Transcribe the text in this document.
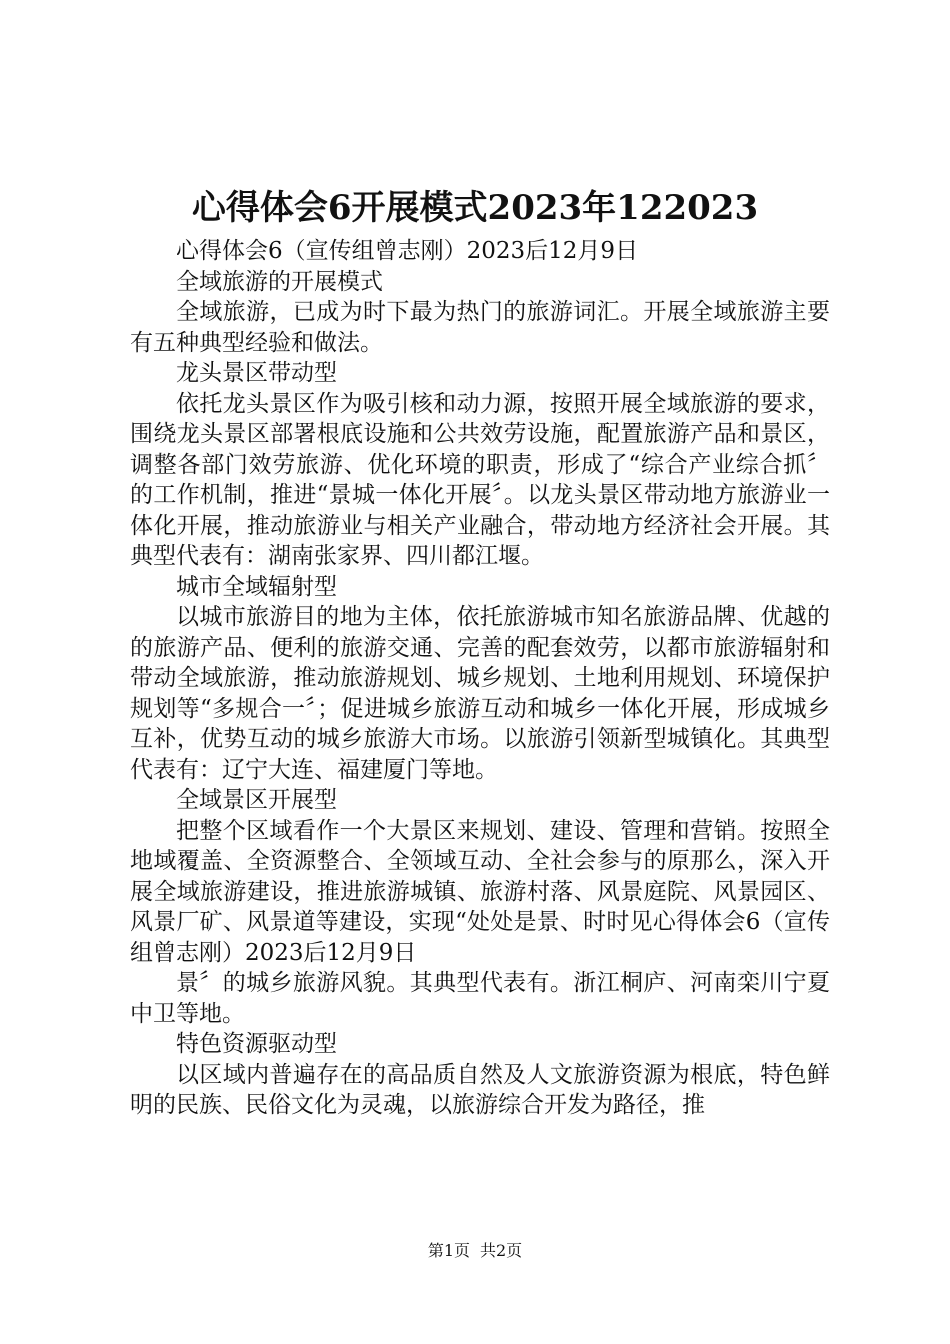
心得体会6开展模式2023年122023

心得体会6（宣传组曾志刚）2023后12月9日

全域旅游的开展模式

全域旅游，已成为时下最为热门的旅游词汇。开展全域旅游主要有五种典型经验和做法。

龙头景区带动型

依托龙头景区作为吸引核和动力源，按照开展全域旅游的要求，围绕龙头景区部署根底设施和公共效劳设施，配置旅游产品和景区，调整各部门效劳旅游、优化环境的职责，形成了“综合产业综合抓〞的工作机制，推进“景城一体化开展〞。以龙头景区带动地方旅游业一体化开展，推动旅游业与相关产业融合，带动地方经济社会开展。其典型代表有：湖南张家界、四川都江堰。

城市全域辐射型

以城市旅游目的地为主体，依托旅游城市知名旅游品牌、优越的的旅游产品、便利的旅游交通、完善的配套效劳，以都市旅游辐射和带动全域旅游，推动旅游规划、城乡规划、土地利用规划、环境保护规划等“多规合一〞；促进城乡旅游互动和城乡一体化开展，形成城乡互补，优势互动的城乡旅游大市场。以旅游引领新型城镇化。其典型代表有：辽宁大连、福建厦门等地。

全域景区开展型

把整个区域看作一个大景区来规划、建设、管理和营销。按照全地域覆盖、全资源整合、全领域互动、全社会参与的原那么，深入开展全域旅游建设，推进旅游城镇、旅游村落、风景庭院、风景园区、风景厂矿、风景道等建设，实现“处处是景、时时见心得体会6（宣传组曾志刚）2023后12月9日

景〞的城乡旅游风貌。其典型代表有。浙江桐庐、河南栾川宁夏中卫等地。

特色资源驱动型

以区域内普遍存在的高品质自然及人文旅游资源为根底，特色鲜明的民族、民俗文化为灵魂，以旅游综合开发为路径，推

第1页 共2页
